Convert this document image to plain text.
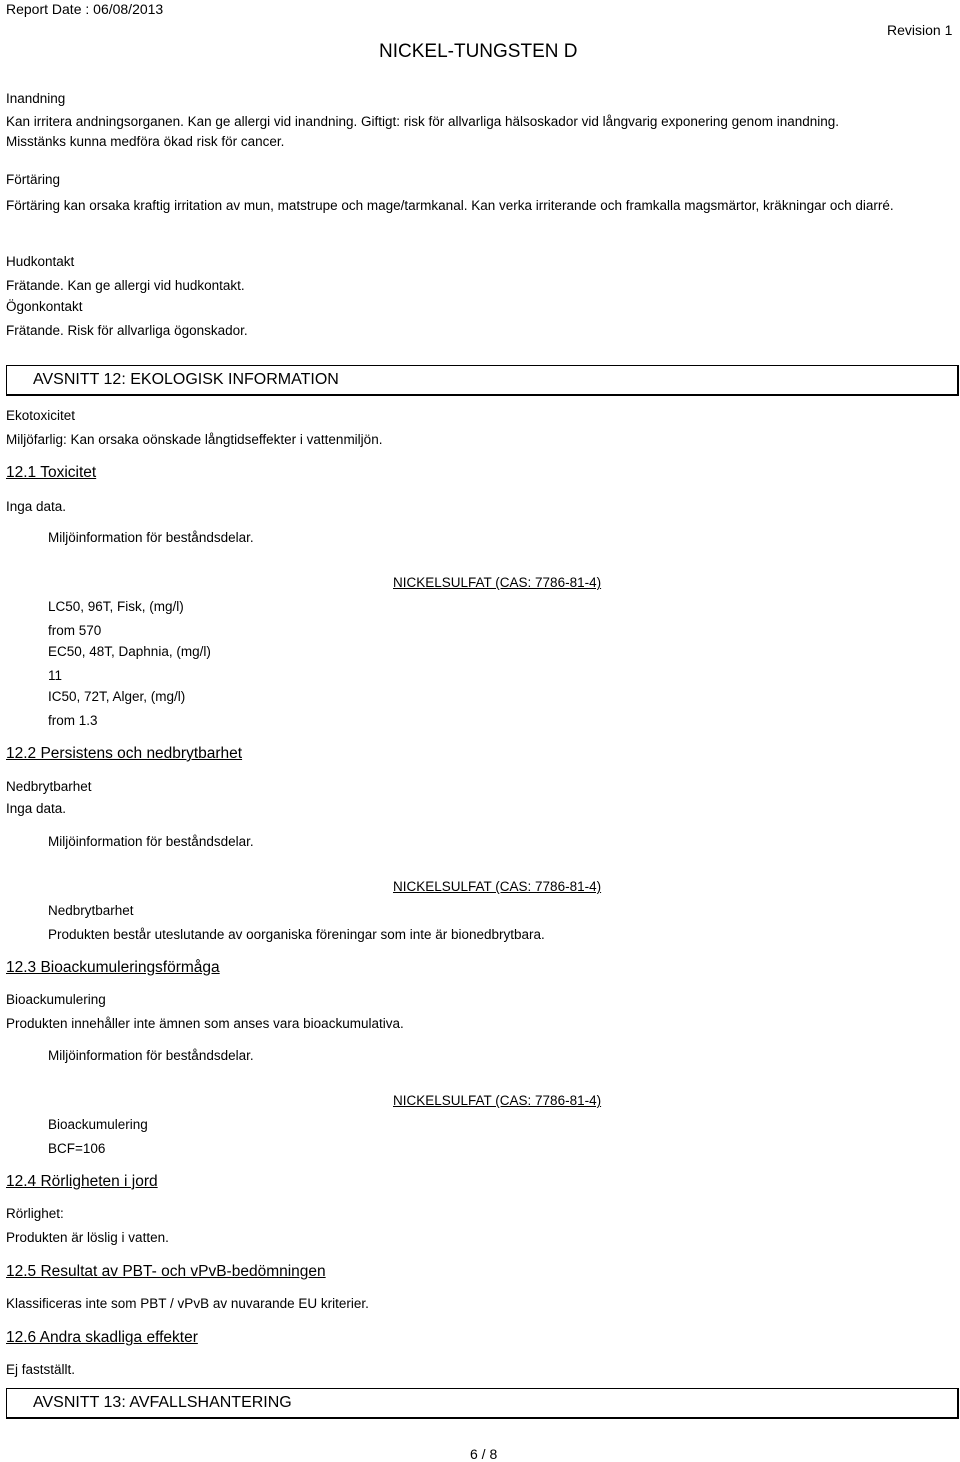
Report Date : 06/08/2013
Revision 1
NICKEL-TUNGSTEN D
Inandning
Kan irritera andningsorganen. Kan ge allergi vid inandning. Giftigt: risk för allvarliga hälsoskador vid långvarig exponering genom inandning.
Misstänks kunna medföra ökad risk för cancer.
Förtäring
Förtäring kan orsaka kraftig irritation av mun, matstrupe och mage/tarmkanal. Kan verka irriterande och framkalla magsmärtor, kräkningar och diarré.
Hudkontakt
Frätande. Kan ge allergi vid hudkontakt.
Ögonkontakt
Frätande. Risk för allvarliga ögonskador.
AVSNITT 12: EKOLOGISK INFORMATION
Ekotoxicitet
Miljöfarlig: Kan orsaka oönskade långtidseffekter i vattenmiljön.
12.1 Toxicitet
Inga data.
Miljöinformation för beståndsdelar.
NICKELSULFAT (CAS: 7786-81-4)
LC50, 96T, Fisk, (mg/l)
from 570
EC50, 48T, Daphnia, (mg/l)
11
IC50, 72T, Alger, (mg/l)
from 1.3
12.2 Persistens och nedbrytbarhet
Nedbrytbarhet
Inga data.
Miljöinformation för beståndsdelar.
NICKELSULFAT (CAS: 7786-81-4)
Nedbrytbarhet
Produkten består uteslutande av oorganiska föreningar som inte är bionedbrytbara.
12.3 Bioackumuleringsförmåga
Bioackumulering
Produkten innehåller inte ämnen som anses vara bioackumulativa.
Miljöinformation för beståndsdelar.
NICKELSULFAT (CAS: 7786-81-4)
Bioackumulering
BCF=106
12.4 Rörligheten i jord
Rörlighet:
Produkten är löslig i vatten.
12.5 Resultat av PBT- och vPvB-bedömningen
Klassificeras inte som PBT / vPvB av nuvarande EU kriterier.
12.6 Andra skadliga effekter
Ej fastställt.
AVSNITT 13: AVFALLSHANTERING
6 / 8
